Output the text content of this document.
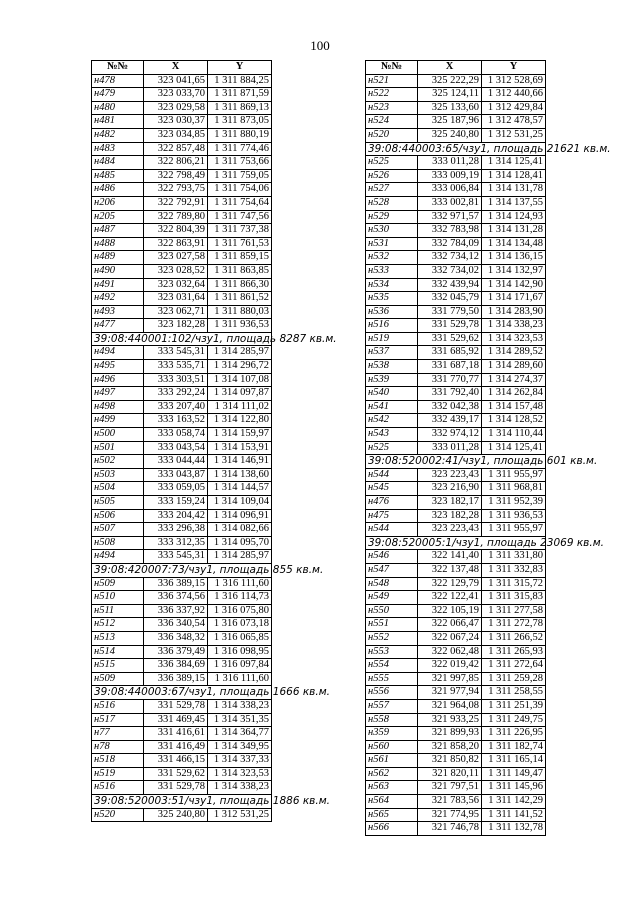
100
№№	X	Y
н478	323 041,65	1 311 884,25
н479	323 033,70	1 311 871,59
н480	323 029,58	1 311 869,13
н481	323 030,37	1 311 873,05
н482	323 034,85	1 311 880,19
н483	322 857,48	1 311 774,46
н484	322 806,21	1 311 753,66
н485	322 798,49	1 311 759,05
н486	322 793,75	1 311 754,06
н206	322 792,91	1 311 754,64
н205	322 789,80	1 311 747,56
н487	322 804,39	1 311 737,38
н488	322 863,91	1 311 761,53
н489	323 027,58	1 311 859,15
н490	323 028,52	1 311 863,85
н491	323 032,64	1 311 866,30
н492	323 031,64	1 311 861,52
н493	323 062,71	1 311 880,03
н477	323 182,28	1 311 936,53
39:08:440001:102/чзу1, площадь 8287 кв.м.		
н494	333 545,31	1 314 285,97
н495	333 535,71	1 314 296,72
н496	333 303,51	1 314 107,08
н497	333 292,24	1 314 097,87
н498	333 207,40	1 314 111,02
н499	333 163,52	1 314 122,80
н500	333 058,74	1 314 159,97
н501	333 043,54	1 314 153,91
н502	333 044,44	1 314 146,91
н503	333 043,87	1 314 138,60
н504	333 059,05	1 314 144,57
н505	333 159,24	1 314 109,04
н506	333 204,42	1 314 096,91
н507	333 296,38	1 314 082,66
н508	333 312,35	1 314 095,70
н494	333 545,31	1 314 285,97
39:08:420007:73/чзу1, площадь 855 кв.м.		
н509	336 389,15	1 316 111,60
н510	336 374,56	1 316 114,73
н511	336 337,92	1 316 075,80
н512	336 340,54	1 316 073,18
н513	336 348,32	1 316 065,85
н514	336 379,49	1 316 098,95
н515	336 384,69	1 316 097,84
н509	336 389,15	1 316 111,60
39:08:440003:67/чзу1, площадь 1666 кв.м.		
н516	331 529,78	1 314 338,23
н517	331 469,45	1 314 351,35
н77	331 416,61	1 314 364,77
н78	331 416,49	1 314 349,95
н518	331 466,15	1 314 337,33
н519	331 529,62	1 314 323,53
н516	331 529,78	1 314 338,23
39:08:520003:51/чзу1, площадь 1886 кв.м.		
н520	325 240,80	1 312 531,25
№№	X	Y
н521	325 222,29	1 312 528,69
н522	325 124,11	1 312 440,66
н523	325 133,60	1 312 429,84
н524	325 187,96	1 312 478,57
н520	325 240,80	1 312 531,25
39:08:440003:65/чзу1, площадь 21621 кв.м.		
н525	333 011,28	1 314 125,41
н526	333 009,19	1 314 128,41
н527	333 006,84	1 314 131,78
н528	333 002,81	1 314 137,55
н529	332 971,57	1 314 124,93
н530	332 783,98	1 314 131,28
н531	332 784,09	1 314 134,48
н532	332 734,12	1 314 136,15
н533	332 734,02	1 314 132,97
н534	332 439,94	1 314 142,90
н535	332 045,79	1 314 171,67
н536	331 779,50	1 314 283,90
н516	331 529,78	1 314 338,23
н519	331 529,62	1 314 323,53
н537	331 685,92	1 314 289,52
н538	331 687,18	1 314 289,60
н539	331 770,77	1 314 274,37
н540	331 792,40	1 314 262,84
н541	332 042,38	1 314 157,48
н542	332 439,17	1 314 128,52
н543	332 974,12	1 314 110,44
н525	333 011,28	1 314 125,41
39:08:520002:41/чзу1, площадь 601 кв.м.		
н544	323 223,43	1 311 955,97
н545	323 216,90	1 311 968,81
н476	323 182,17	1 311 952,39
н475	323 182,28	1 311 936,53
н544	323 223,43	1 311 955,97
39:08:520005:1/чзу1, площадь 23069 кв.м.		
н546	322 141,40	1 311 331,80
н547	322 137,48	1 311 332,83
н548	322 129,79	1 311 315,72
н549	322 122,41	1 311 315,83
н550	322 105,19	1 311 277,58
н551	322 066,47	1 311 272,78
н552	322 067,24	1 311 266,52
н553	322 062,48	1 311 265,93
н554	322 019,42	1 311 272,64
н555	321 997,85	1 311 259,28
н556	321 977,94	1 311 258,55
н557	321 964,08	1 311 251,39
н558	321 933,25	1 311 249,75
н359	321 899,93	1 311 226,95
н560	321 858,20	1 311 182,74
н561	321 850,82	1 311 165,14
н562	321 820,11	1 311 149,47
н563	321 797,51	1 311 145,96
н564	321 783,56	1 311 142,29
н565	321 774,95	1 311 141,52
н566	321 746,78	1 311 132,78
